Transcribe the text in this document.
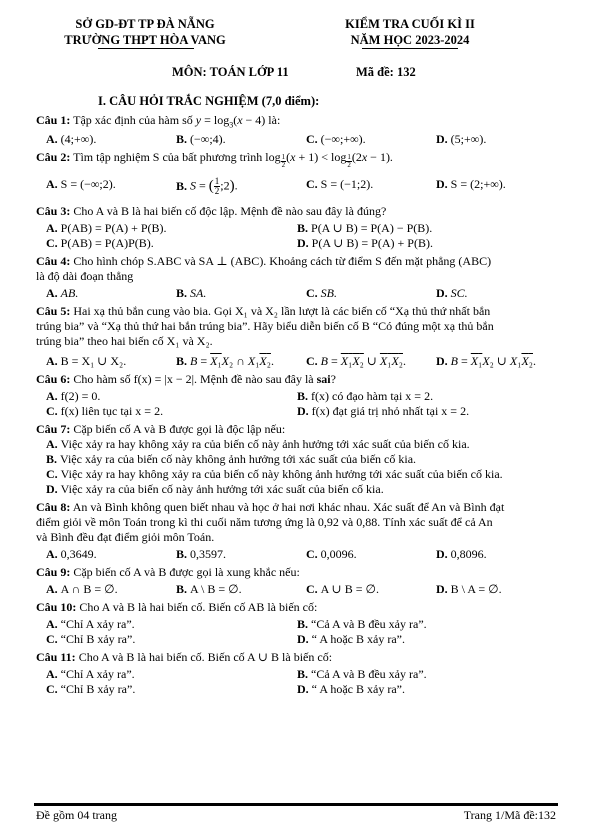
SỞ GD-ĐT TP ĐÀ NẴNG
TRƯỜNG THPT HÒA VANG
KIỂM TRA CUỐI KÌ II
NĂM HỌC 2023-2024
MÔN: TOÁN LỚP 11	Mã đề: 132
I. CÂU HỎI TRẮC NGHIỆM (7,0 điểm):
Câu 1: Tập xác định của hàm số $y = \log_3(x - 4)$ là:
A. (4;+∞).	B. (−∞;4).	C. (−∞;+∞).	D. (5;+∞).
Câu 2: Tìm tập nghiệm S của bất phương trình $\log \frac{1}{2} (x + 1) < \log \frac{1}{2} (2x - 1)$.
A. S = (−∞;2).	B. S = ( $\frac{1}{2}$ ;2).	C. S = (−1;2).	D. S = (2;+∞).
Câu 3: Cho A và B là hai biến cố độc lập. Mệnh đề nào sau đây là đúng?
A. P(AB) = P(A) + P(B).	B. P(A ∪ B) = P(A) − P(B).
C. P(AB) = P(A)P(B).	D. P(A ∪ B) = P(A) + P(B).
Câu 4: Cho hình chóp S.ABC và SA ⊥ (ABC). Khoảng cách từ điểm S đến mặt phẳng (ABC)
là độ dài đoạn thẳng
A. AB.	B. SA.	C. SB.	D. SC.
Câu 5: Hai xạ thủ bắn cung vào bia. Gọi X₁ và X₂ lần lượt là các biến cố “Xạ thủ thứ nhất bắn
trúng bia” và “Xạ thủ thứ hai bắn trúng bia”. Hãy biểu diễn biến cố B “Có đúng một xạ thủ bắn
trúng bia” theo hai biến cố X₁ và X₂.
A. B = X₁ ∪ X₂.	B. B = X₁X₂ ∩ X₁X₂.	C. B = X₁X₂ ∪ X₁X₂.	D. B = X₁X₂ ∪ X₁X₂.
Câu 6: Cho hàm số f(x) = |x − 2|. Mệnh đề nào sau đây là sai?
A. f(2) = 0.	B. f(x) có đạo hàm tại x = 2.
C. f(x) liên tục tại x = 2.	D. f(x) đạt giá trị nhỏ nhất tại x = 2.
Câu 7: Cặp biến cố A và B được gọi là độc lập nếu:
A. Việc xảy ra hay không xảy ra của biến cố này ảnh hưởng tới xác suất của biến cố kia.
B. Việc xảy ra của biến cố này không ảnh hưởng tới xác suất của biến cố kia.
C. Việc xảy ra hay không xảy ra của biến cố này không ảnh hưởng tới xác suất của biến cố kia.
D. Việc xảy ra của biến cố này ảnh hưởng tới xác suất của biến cố kia.
Câu 8: An và Bình không quen biết nhau và học ở hai nơi khác nhau. Xác suất để An và Bình đạt
điểm giỏi về môn Toán trong kì thi cuối năm tương ứng là 0,92 và 0,88. Tính xác suất để cả An
và Bình đều đạt điểm giỏi môn Toán.
A. 0,3649.	B. 0,3597.	C. 0,0096.	D. 0,8096.
Câu 9: Cặp biến cố A và B được gọi là xung khắc nếu:
A. A ∩ B = ∅.	B. A \ B = ∅.	C. A ∪ B = ∅.	D. B \ A = ∅.
Câu 10: Cho A và B là hai biến cố. Biến cố AB là biến cố:
A. “Chỉ A xảy ra”.	B. “Cả A và B đều xảy ra”.
C. “Chỉ B xảy ra”.	D. “ A hoặc B xảy ra”.
Câu 11: Cho A và B là hai biến cố. Biến cố A ∪ B là biến cố:
A. “Chỉ A xảy ra”.	B. “Cả A và B đều xảy ra”.
C. “Chỉ B xảy ra”.	D. “ A hoặc B xảy ra”.
Đề gồm 04 trang	Trang 1/Mã đề:132
